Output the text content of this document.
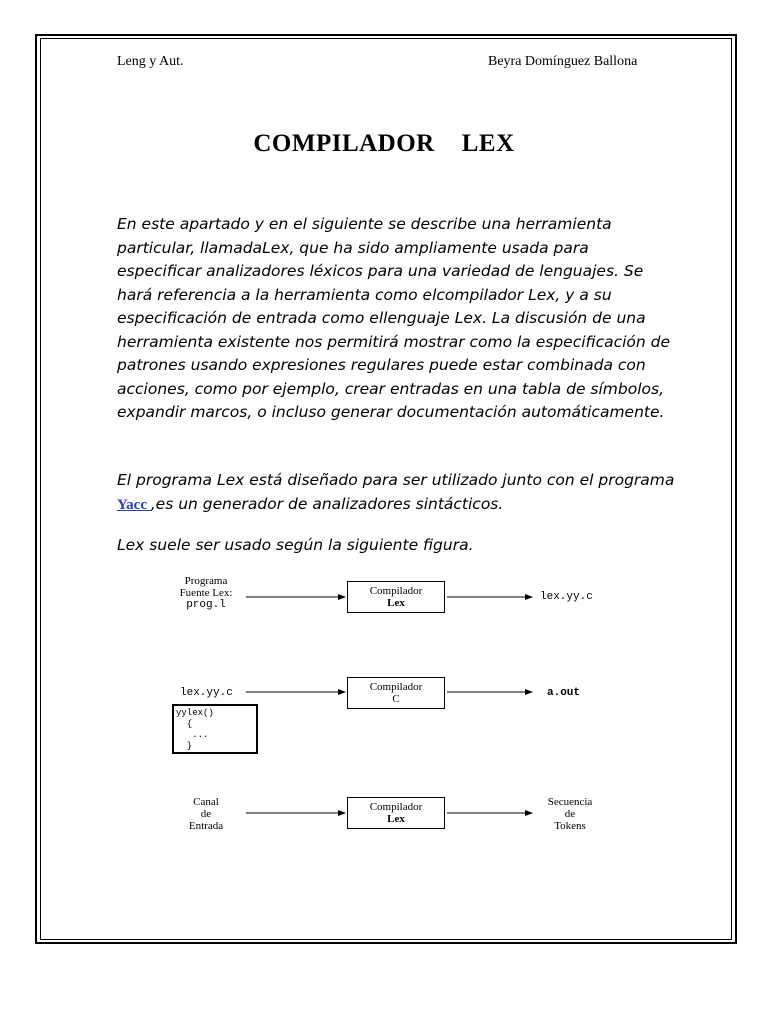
Leng y Aut.	Beyra Domínguez Ballona
COMPILADOR    LEX

En este apartado y en el siguiente se describe una herramienta particular, llamadaLex, que ha sido ampliamente usada para especificar analizadores léxicos para una variedad de lenguajes. Se hará referencia a la herramienta como elcompilador Lex, y a su especificación de entrada como ellenguaje Lex. La discusión de una herramienta existente nos permitirá mostrar como la especificación de patrones usando expresiones regulares puede estar combinada con acciones, como por ejemplo, crear entradas en una tabla de símbolos, expandir marcos, o incluso generar documentación automáticamente.

El programa Lex está diseñado para ser utilizado junto con el programa Yacc ,es un generador de analizadores sintácticos.

Lex suele ser usado según la siguiente figura.

Programa
Fuente Lex:
prog.l
Compilador
Lex	lex.yy.c
lex.yy.c
yylex()
{
...
}
Compilador
C	a.out
Canal
de
Entrada
Compilador
Lex
Secuencia
de
Tokens
